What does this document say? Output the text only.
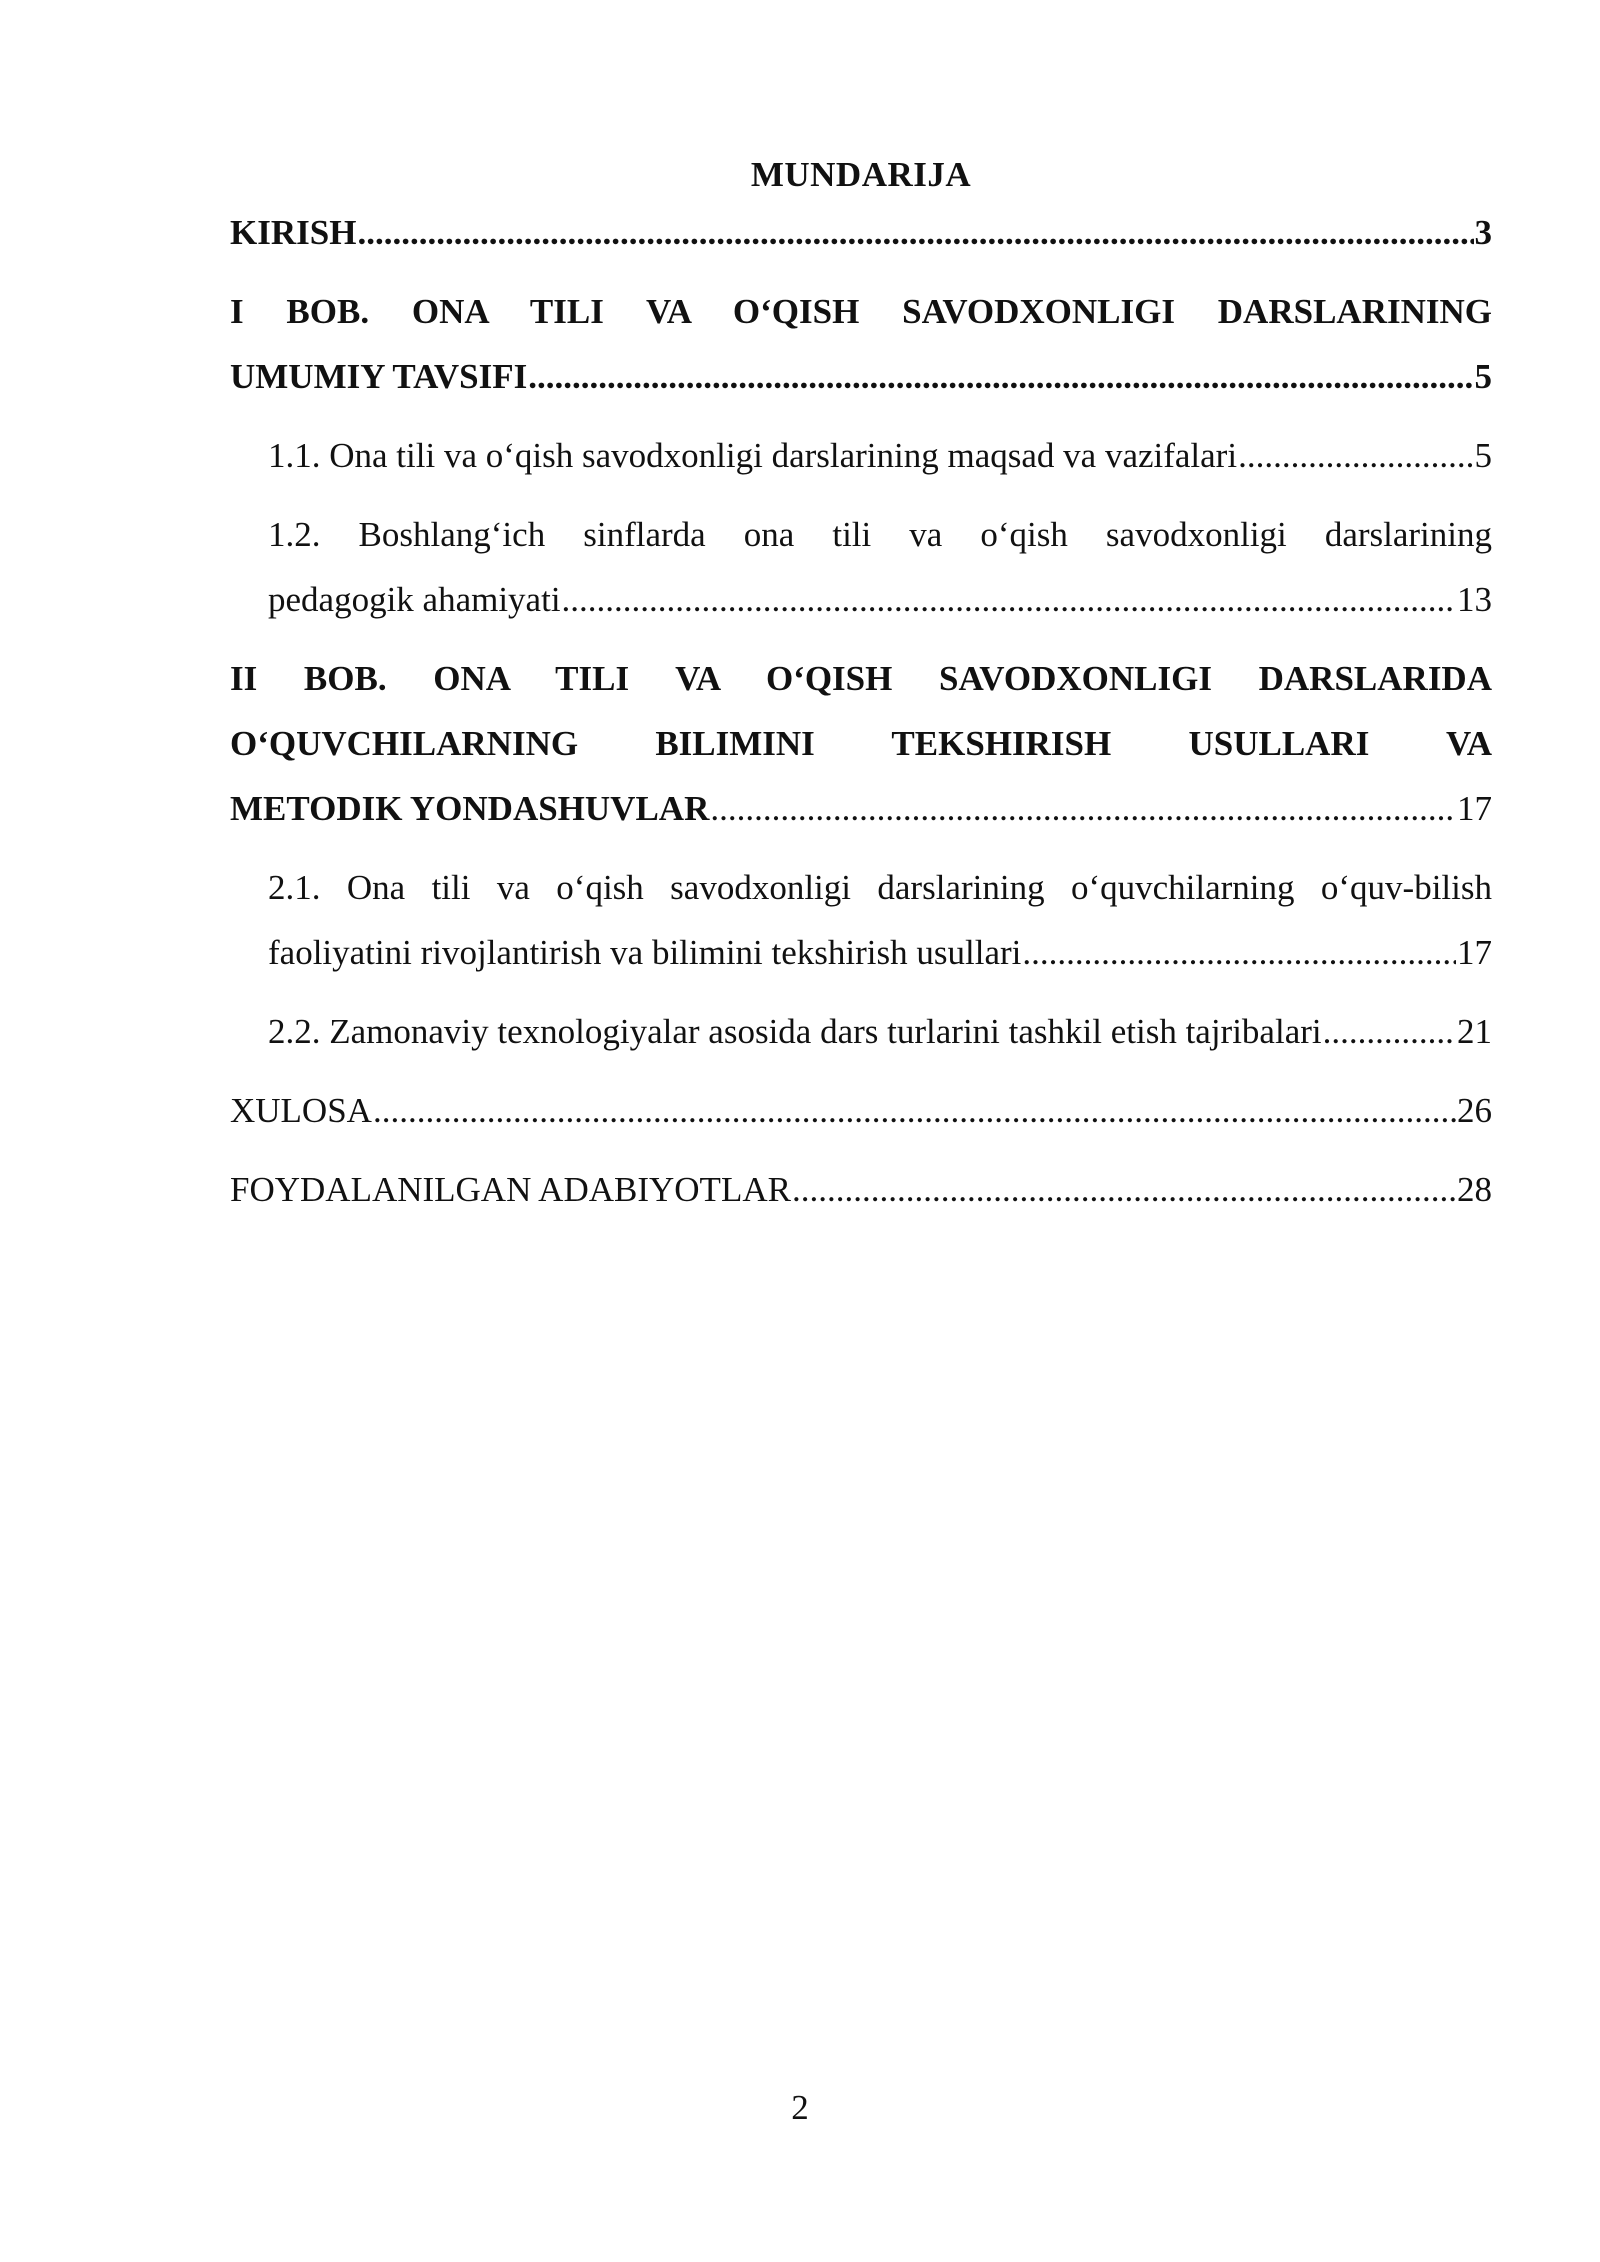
MUNDARIJA
KIRISH .....	3
I BOB. ONA TILI VA O‘QISH SAVODXONLIGI DARSLARINING
UMUMIY TAVSIFI .....	5
1.1. Ona tili va o‘qish savodxonligi darslarining maqsad va vazifalari .....	5
1.2. Boshlang‘ich sinflarda ona tili va o‘qish savodxonligi darslarining
pedagogik ahamiyati .....	13
II BOB. ONA TILI VA O‘QISH SAVODXONLIGI DARSLARIDA
O‘QUVCHILARNING BILIMINI TEKSHIRISH USULLARI VA
METODIK YONDASHUVLAR .....	17
2.1. Ona tili va o‘qish savodxonligi darslarining o‘quvchilarning o‘quv-bilish
faoliyatini rivojlantirish va bilimini tekshirish usullari .....	17
2.2. Zamonaviy texnologiyalar asosida dars turlarini tashkil etish tajribalari .....	21
XULOSA .....	26
FOYDALANILGAN ADABIYOTLAR .....	28
2
